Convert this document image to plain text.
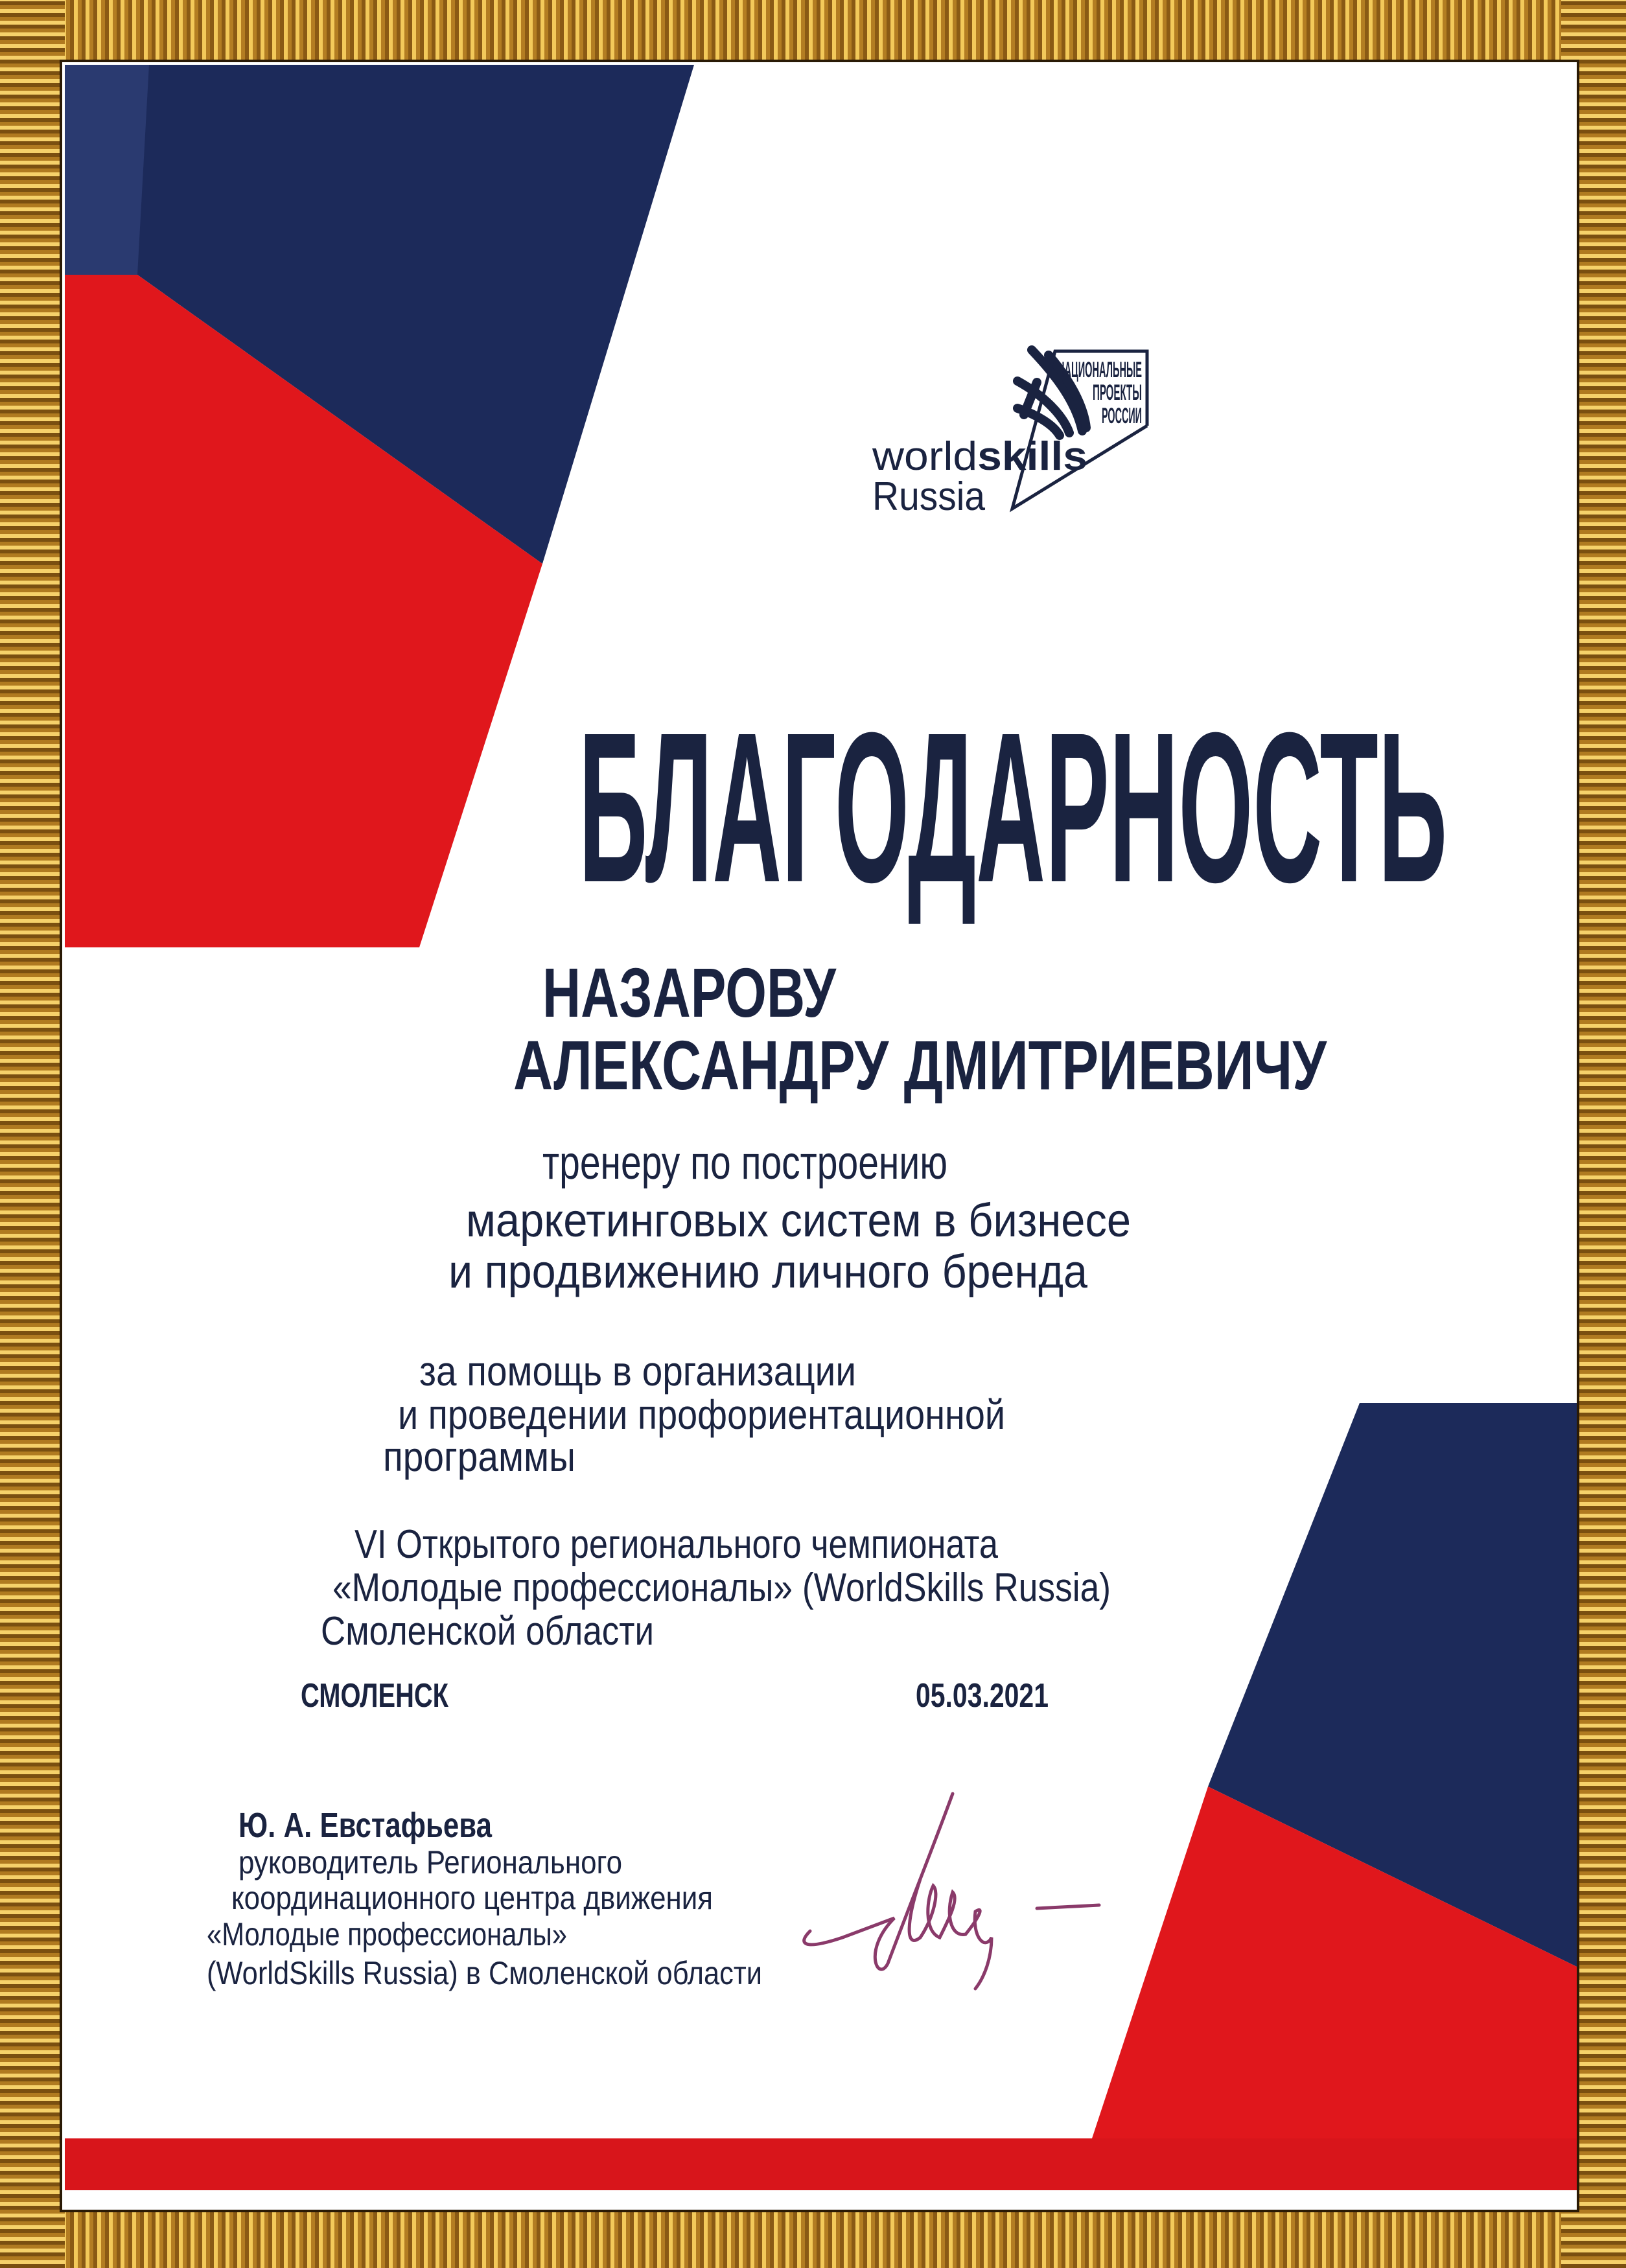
world skills
Russia
НАЦИОНАЛЬНЫЕ
ПРОЕКТЫ
РОССИИ
БЛАГОДАРНОСТЬ
НАЗАРОВУ
АЛЕКСАНДРУ ДМИТРИЕВИЧУ
тренеру по построению
маркетинговых систем в бизнесе
и продвижению личного бренда
за помощь в организации
и проведении профориентационной
программы
VI Открытого регионального чемпионата
«Молодые профессионалы» (WorldSkills Russia)
Смоленской области
СМОЛЕНСК	05.03.2021
Ю. А. Евстафьева
руководитель Регионального
координационного центра движения
«Молодые профессионалы»
(WorldSkills Russia) в Смоленской области
